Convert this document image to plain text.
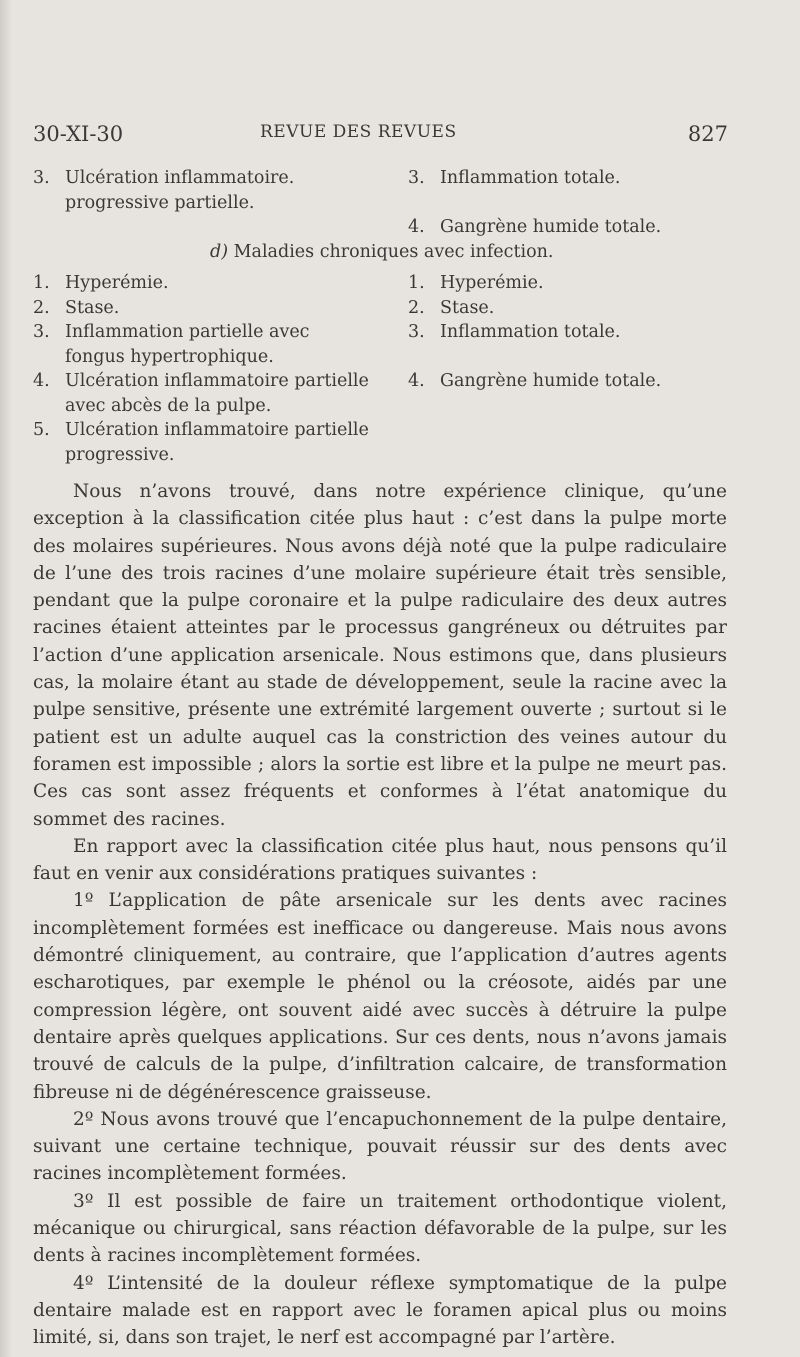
30-XI-30	REVUE DES REVUES	827
3. Ulcération inflammatoire. progressive partielle.
3. Inflammation totale.
4. Gangrène humide totale.
d) Maladies chroniques avec infection.
1. Hyperémie.
2. Stase.
3. Inflammation partielle avec fongus hypertrophique.
4. Ulcération inflammatoire partielle avec abcès de la pulpe.
5. Ulcération inflammatoire partielle progressive.
1. Hyperémie.
2. Stase.
3. Inflammation totale.
4. Gangrène humide totale.

Nous n’avons trouvé, dans notre expérience clinique, qu’une exception à la classification citée plus haut : c’est dans la pulpe morte des molaires supérieures. Nous avons déjà noté que la pulpe radiculaire de l’une des trois racines d’une molaire supérieure était très sensible, pendant que la pulpe coronaire et la pulpe radiculaire des deux autres racines étaient atteintes par le processus gangréneux ou détruites par l’action d’une application arsenicale. Nous estimons que, dans plusieurs cas, la molaire étant au stade de développement, seule la racine avec la pulpe sensitive, présente une extrémité largement ouverte ; surtout si le patient est un adulte auquel cas la constriction des veines autour du foramen est impossible ; alors la sortie est libre et la pulpe ne meurt pas. Ces cas sont assez fréquents et conformes à l’état anatomique du sommet des racines.

En rapport avec la classification citée plus haut, nous pensons qu’il faut en venir aux considérations pratiques suivantes :

1º L’application de pâte arsenicale sur les dents avec racines incomplètement formées est inefficace ou dangereuse. Mais nous avons démontré cliniquement, au contraire, que l’application d’autres agents escharotiques, par exemple le phénol ou la créosote, aidés par une compression légère, ont souvent aidé avec succès à détruire la pulpe dentaire après quelques applications. Sur ces dents, nous n’avons jamais trouvé de calculs de la pulpe, d’infiltration calcaire, de transformation fibreuse ni de dégénérescence graisseuse.

2º Nous avons trouvé que l’encapuchonnement de la pulpe dentaire, suivant une certaine technique, pouvait réussir sur des dents avec racines incomplètement formées.

3º Il est possible de faire un traitement orthodontique violent, mécanique ou chirurgical, sans réaction défavorable de la pulpe, sur les dents à racines incomplètement formées.

4º L’intensité de la douleur réflexe symptomatique de la pulpe dentaire malade est en rapport avec le foramen apical plus ou moins limité, si, dans son trajet, le nerf est accompagné par l’artère.
